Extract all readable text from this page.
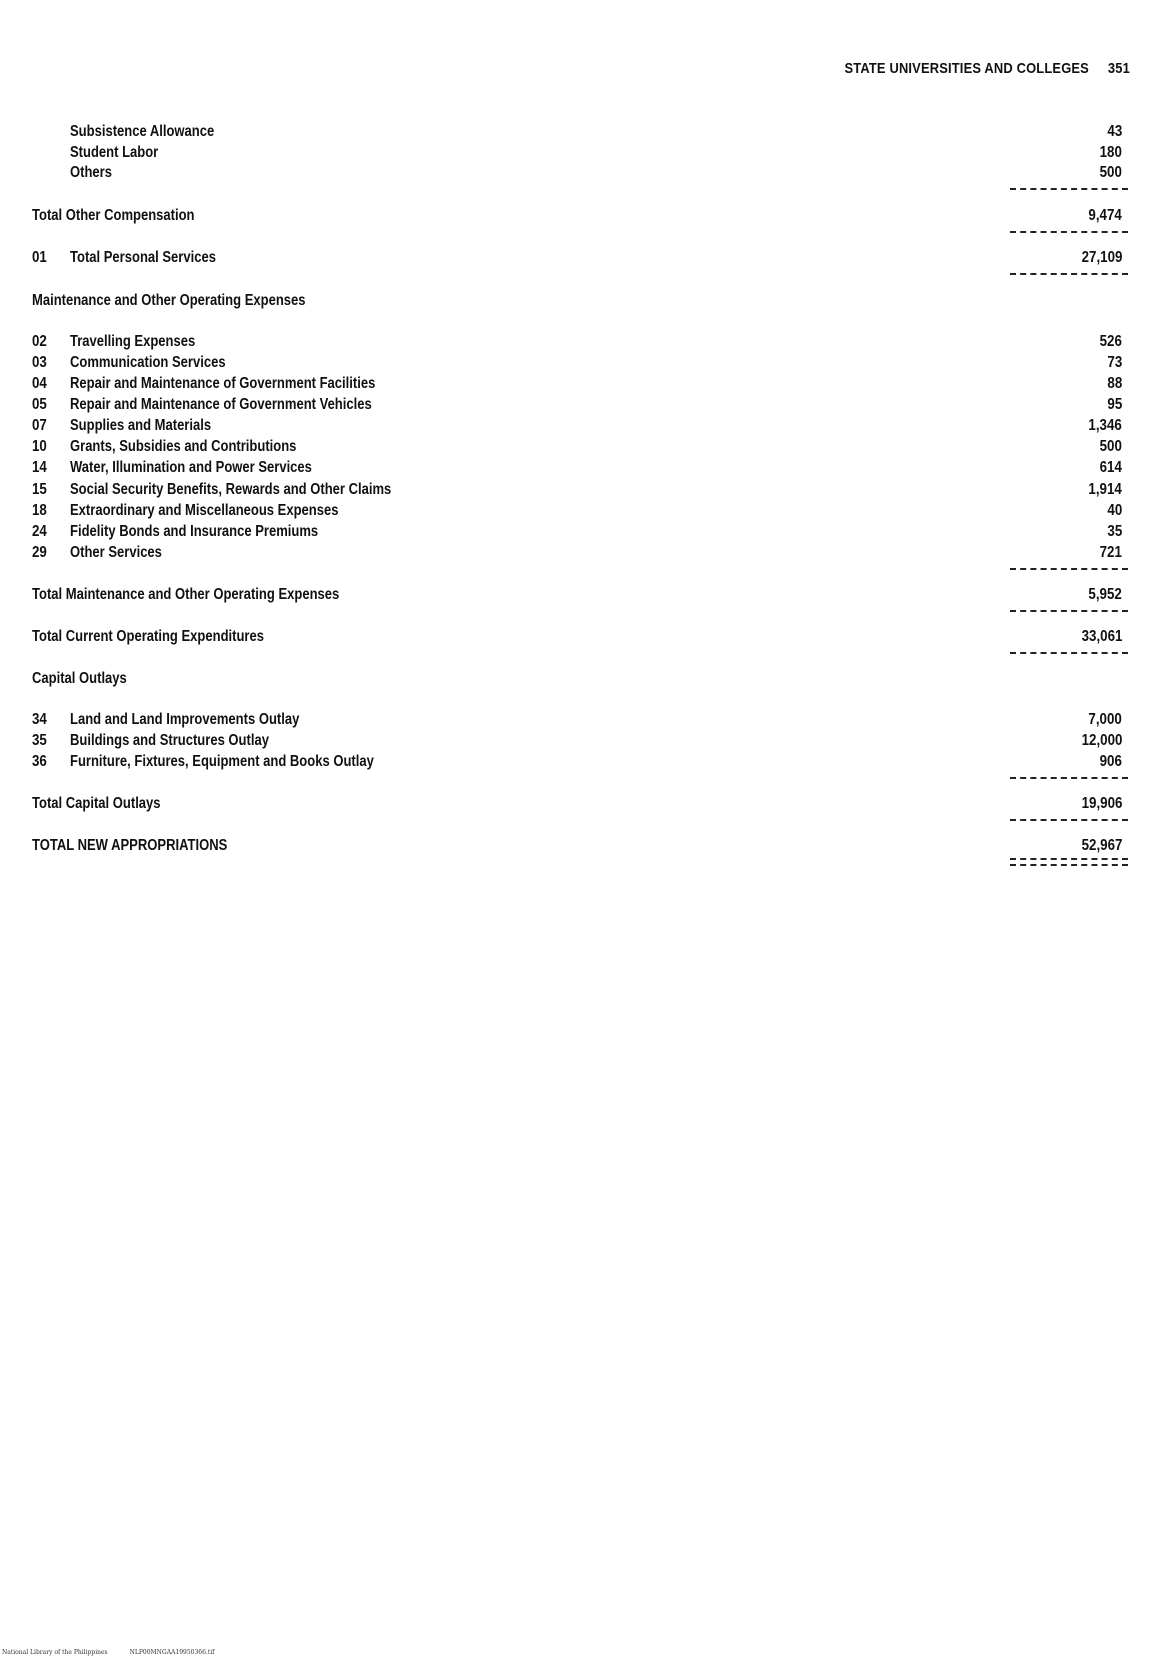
STATE UNIVERSITIES AND COLLEGES 351
Subsistence Allowance	43
Student Labor	180
Others	500
Total Other Compensation	9,474
01	Total Personal Services	27,109
Maintenance and Other Operating Expenses
02	Travelling Expenses	526
03	Communication Services	73
04	Repair and Maintenance of Government Facilities	88
05	Repair and Maintenance of Government Vehicles	95
07	Supplies and Materials	1,346
10	Grants, Subsidies and Contributions	500
14	Water, Illumination and Power Services	614
15	Social Security Benefits, Rewards and Other Claims	1,914
18	Extraordinary and Miscellaneous Expenses	40
24	Fidelity Bonds and Insurance Premiums	35
29	Other Services	721
Total Maintenance and Other Operating Expenses	5,952
Total Current Operating Expenditures	33,061
Capital Outlays
34	Land and Land Improvements Outlay	7,000
35	Buildings and Structures Outlay	12,000
36	Furniture, Fixtures, Equipment and Books Outlay	906
Total Capital Outlays	19,906
TOTAL NEW APPROPRIATIONS	52,967
National Library of the Philippines	NLP00MNGAA19950366.tif
